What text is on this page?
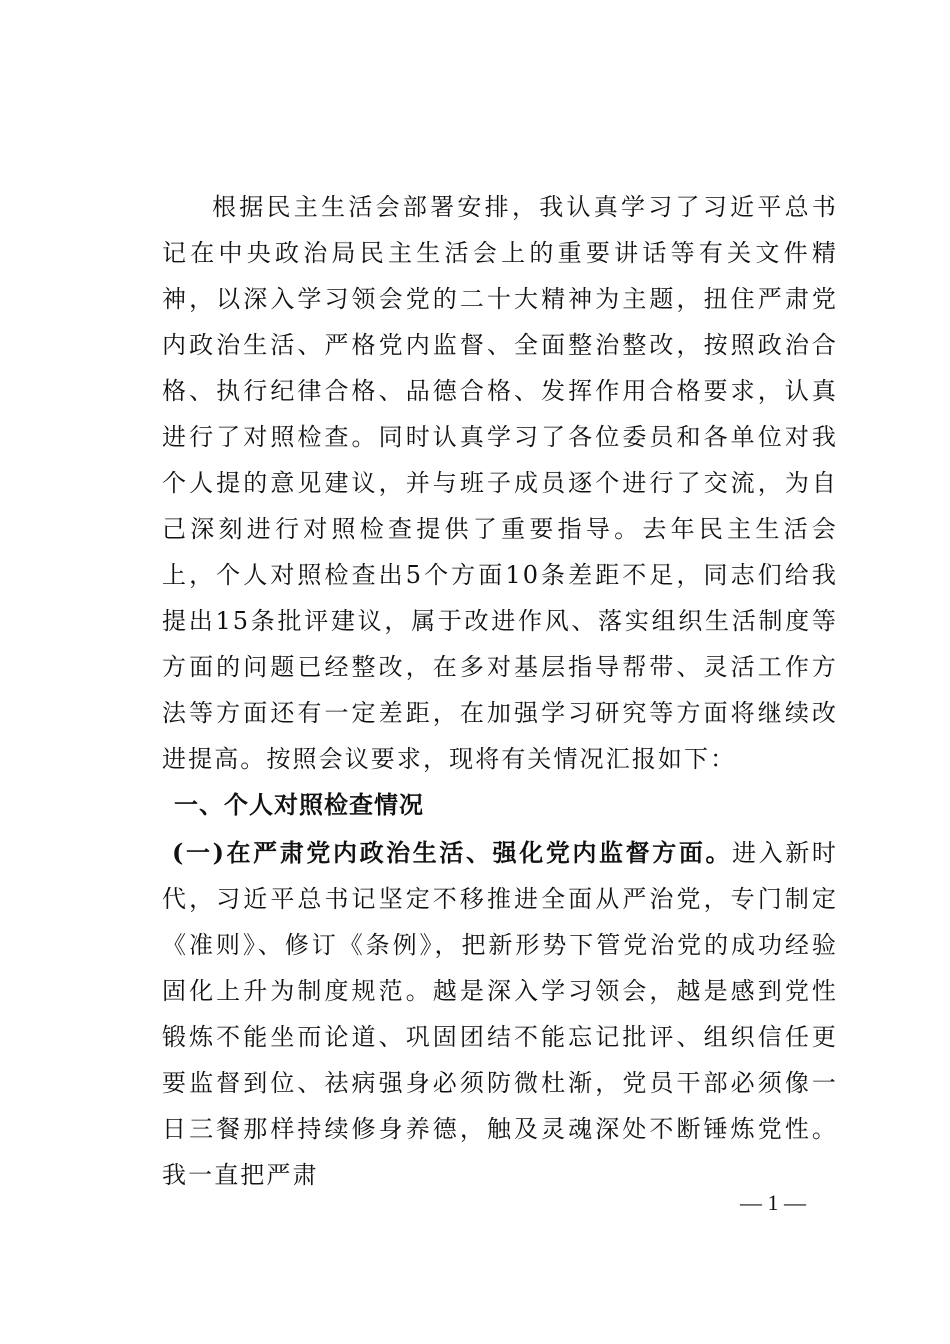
根据民主生活会部署安排，我认真学习了习近平总书记在中央政治局民主生活会上的重要讲话等有关文件精神，以深入学习领会党的二十大精神为主题，扭住严肃党内政治生活、严格党内监督、全面整治整改，按照政治合格、执行纪律合格、品德合格、发挥作用合格要求，认真进行了对照检查。同时认真学习了各位委员和各单位对我个人提的意见建议，并与班子成员逐个进行了交流，为自己深刻进行对照检查提供了重要指导。去年民主生活会上，个人对照检查出5个方面10条差距不足，同志们给我提出15条批评建议，属于改进作风、落实组织生活制度等方面的问题已经整改，在多对基层指导帮带、灵活工作方法等方面还有一定差距，在加强学习研究等方面将继续改进提高。按照会议要求，现将有关情况汇报如下：

一、个人对照检查情况

(一)在严肃党内政治生活、强化党内监督方面。进入新时代，习近平总书记坚定不移推进全面从严治党，专门制定《准则》、修订《条例》，把新形势下管党治党的成功经验固化上升为制度规范。越是深入学习领会，越是感到党性锻炼不能坐而论道、巩固团结不能忘记批评、组织信任更要监督到位、祛病强身必须防微杜渐，党员干部必须像一日三餐那样持续修身养德，触及灵魂深处不断锤炼党性。我一直把严肃

— 1 —
